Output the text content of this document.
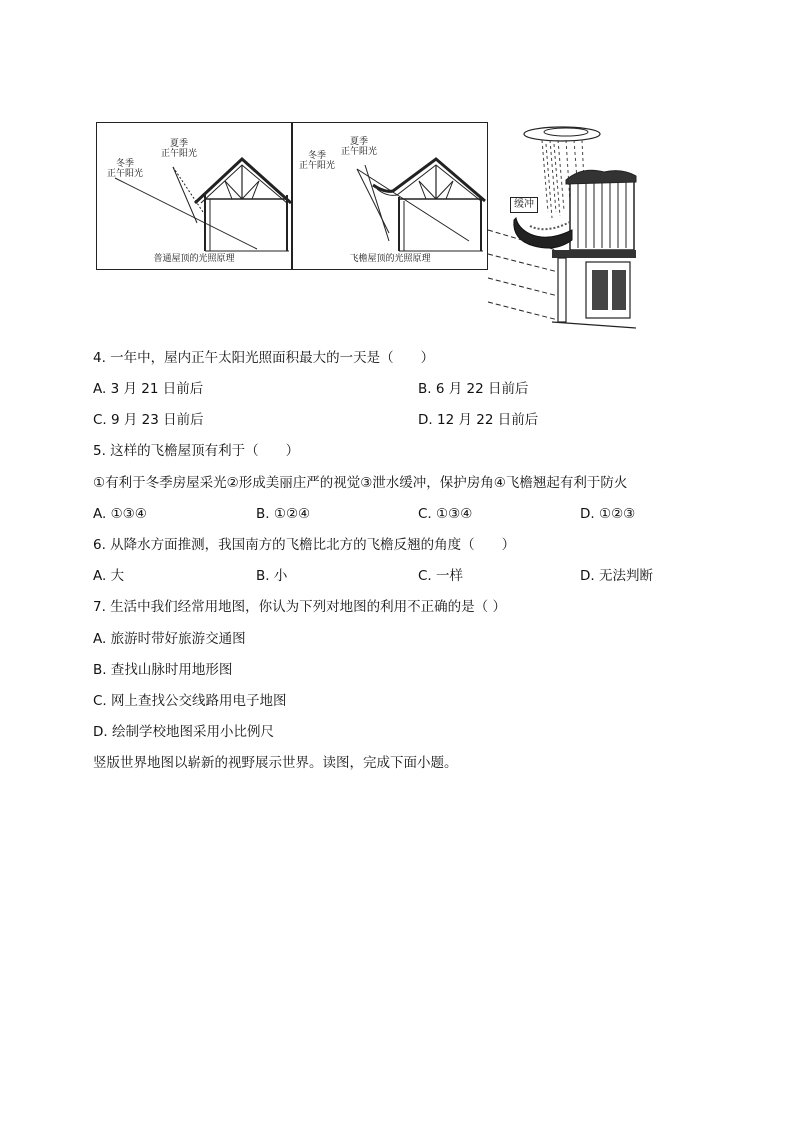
夏季
正午阳光
冬季
正午阳光
普通屋顶的光照原理
夏季
正午阳光
冬季
正午阳光
飞檐屋顶的光照原理
缓冲
4. 一年中，屋内正午太阳光照面积最大的一天是（　　）
A. 3 月 21 日前后	B. 6 月 22 日前后
C. 9 月 23 日前后	D. 12 月 22 日前后
5. 这样的飞檐屋顶有利于（　　）
①有利于冬季房屋采光②形成美丽庄严的视觉③泄水缓冲，保护房角④飞檐翘起有利于防火
A. ①③④	B. ①②④	C. ①③④	D. ①②③
6. 从降水方面推测，我国南方的飞檐比北方的飞檐反翘的角度（　　）
A. 大	B. 小	C. 一样	D. 无法判断
7. 生活中我们经常用地图，你认为下列对地图的利用不正确的是（ ）
A. 旅游时带好旅游交通图
B. 查找山脉时用地形图
C. 网上查找公交线路用电子地图
D. 绘制学校地图采用小比例尺
竖版世界地图以崭新的视野展示世界。读图，完成下面小题。
